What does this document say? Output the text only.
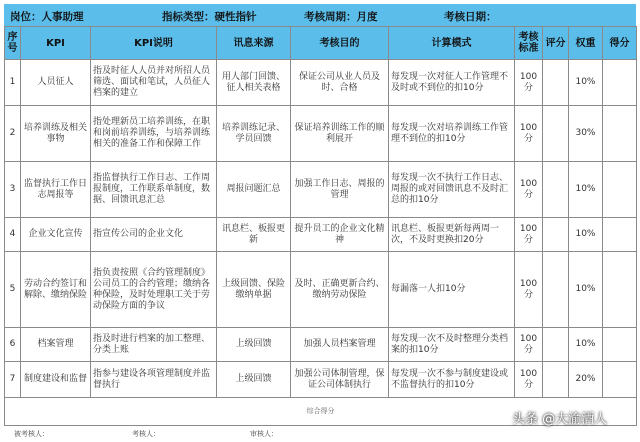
岗位：人事助理	指标类型：硬性指针	考核周期：月度	考核日期：
序号	KPI	KPI说明	讯息来源	考核目的	计算模式	考核标准	评分	权重	得分
1	人员征人	指及时征人人员并对所招人员筛选、面试和笔试，人员征人档案的建立	用人部门回馈、征人相关表格	保证公司从业人员及时、合格	每发现一次对征人工作管理不及时或不到位的扣10分	100分		10%	
2	培养训练及相关事物	指处理新员工培养训练，在职和岗前培养训练，与培养训练相关的准备工作和保障工作	培养训练记录、学员回馈	保证培养训练工作的顺利展开	每发现一次对培养训练工作管理不到位的扣10分	100分		30%	
3	监督执行工作日志周报等	指监督执行工作日志、工作周报制度，工作联系单制度，数据、回馈讯息汇总	周报问题汇总	加强工作日志、周报的管理	每发现一次不执行工作日志、周报的或对回馈讯息不及时汇总的扣10分	100分		10%	
4	企业文化宣传	指宣传公司的企业文化	讯息栏、板报更新	提升员工的企业文化精神	讯息栏、板报更新每两周一次，不及时更换扣20分	100分		10%	
5	劳动合约签订和解除、缴纳保险	指负责按照《合约管理制度》公司员工的合约管理；缴纳各种保险，及时处理职工关于劳动保险方面的争议	上级回馈、保险缴纳单据	及时、正确更新合约、缴纳劳动保险	每漏落一人扣10分	100分		10%	
6	档案管理	指及时进行档案的加工整理、分类上账	上级回馈	加强人员档案管理	每发现一次不及时整理分类档案的扣10分	100分		10%	
7	制度建设和监督	指参与建设各项管理制度并监督执行	上级回馈	加强公司体制管理，保证公司体制执行	每发现一次不参与制度建设或不监督执行的扣10分	100分		20%	
综合得分									
被考核人：	考核人：	审核人：
头条 @大渝酒人
